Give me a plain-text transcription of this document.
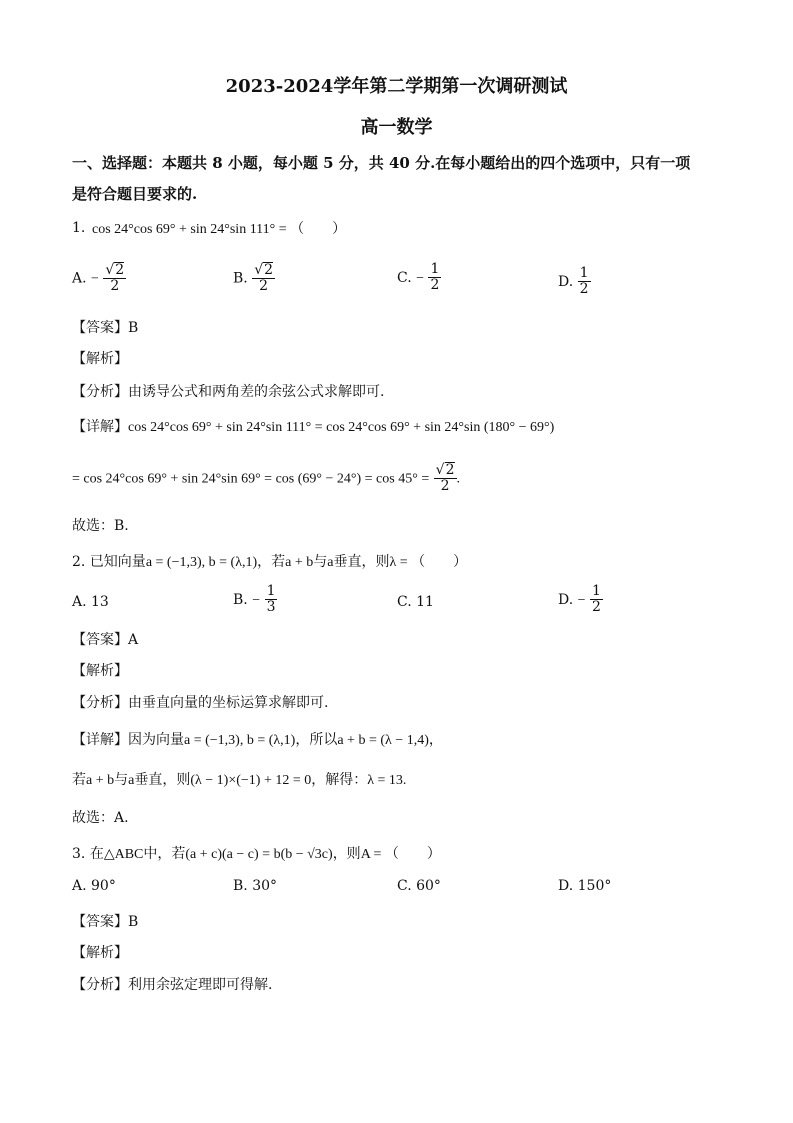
2023-2024学年第二学期第一次调研测试
高一数学
一、选择题：本题共 8 小题，每小题 5 分，共 40 分.在每小题给出的四个选项中，只有一项
是符合题目要求的.
1. cos 24°cos 69° + sin 24°sin 111° = （　　）
A. − $\frac{√2}{2}$	B. $\frac{√2}{2}$	C. − $\frac{1}{2}$	D. $\frac{1}{2}$
【答案】B
【解析】
【分析】由诱导公式和两角差的余弦公式求解即可.
【详解】cos 24°cos 69° + sin 24°sin 111° = cos 24°cos 69° + sin 24°sin (180° − 69°)
= cos 24°cos 69° + sin 24°sin $69^\circ = \cos (69^\circ - 24^\circ) = \cos 45^\circ = \frac{√2}{2}$ .
故选：B.
2. 已知向量a = (−1,3), b = (λ,1)，若a + b与a垂直，则λ = （　　）
A. 13	B. − $\frac{1}{3}$	C. 11	D. − $\frac{1}{2}$
【答案】A
【解析】
【分析】由垂直向量的坐标运算求解即可.
【详解】因为向量a = (−1,3), b = (λ,1)，所以a + b = (λ − 1,4)，
若a + b与a垂直，则(λ − 1)×(−1) + 12 = 0，解得：λ = 13.
故选：A.
3. 在△ABC中，若(a + c)(a − c) = b(b − √3c)，则A = （　　）
A. 90°	B. 30°	C. 60°	D. 150°
【答案】B
【解析】
【分析】利用余弦定理即可得解.
